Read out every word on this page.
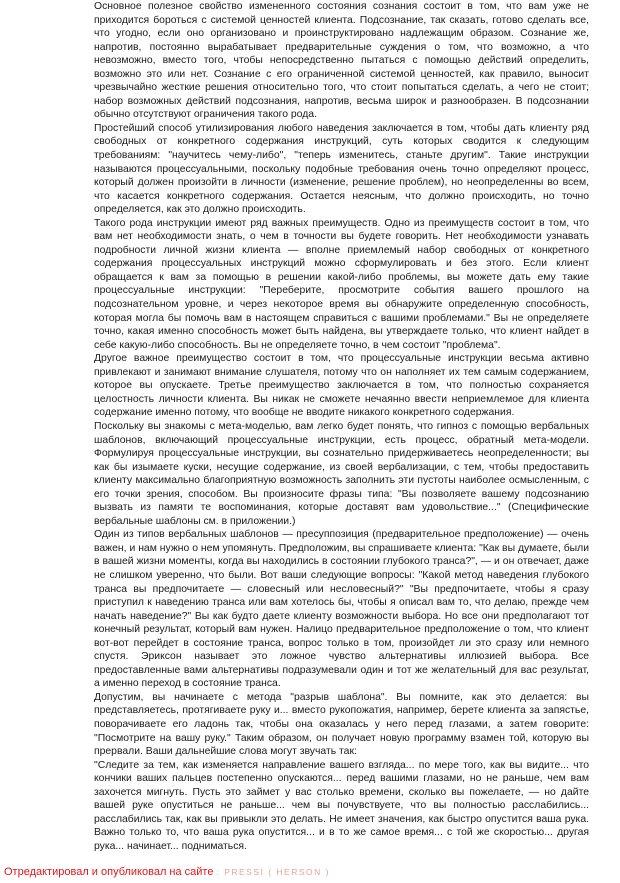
Основное полезное свойство измененного состояния сознания состоит в том, что вам уже не приходится бороться с системой ценностей клиента. Подсознание, так сказать, готово сделать все, что угодно, если оно организовано и проинструктировано надлежащим образом. Сознание же, напротив, постоянно вырабатывает предварительные суждения о том, что возможно, а что невозможно, вместо того, чтобы непосредственно пытаться с помощью действий определить, возможно это или нет. Сознание с его ограниченной системой ценностей, как правило, выносит чрезвычайно жесткие решения относительно того, что стоит попытаться сделать, а чего не стоит; набор возможных действий подсознания, напротив, весьма широк и разнообразен. В подсознании обычно отсутствуют ограничения такого рода.

Простейший способ утилизирования любого наведения заключается в том, чтобы дать клиенту ряд свободных от конкретного содержания инструкций, суть которых сводится к следующим требованиям: "научитесь чему-либо", "теперь изменитесь, станьте другим". Такие инструкции называются процессуальными, поскольку подобные требования очень точно определяют процесс, который должен произойти в личности (изменение, решение проблем), но неопределенны во всем, что касается конкретного содержания. Остается неясным, что должно происходить, но точно определяется, как это должно происходить.

Такого рода инструкции имеют ряд важных преимуществ. Одно из преимуществ состоит в том, что вам нет необходимости знать, о чем в точности вы будете говорить. Нет необходимости узнавать подробности личной жизни клиента — вполне приемлемый набор свободных от конкретного содержания процессуальных инструкций можно сформулировать и без этого. Если клиент обращается к вам за помощью в решении какой-либо проблемы, вы можете дать ему такие процессуальные инструкции: "Переберите, просмотрите события вашего прошлого на подсознательном уровне, и через некоторое время вы обнаружите определенную способность, которая могла бы помочь вам в настоящем справиться с вашими проблемами." Вы не определяете точно, какая именно способность может быть найдена, вы утверждаете только, что клиент найдет в себе какую-либо способность. Вы не определяете точно, в чем состоит "проблема".

Другое важное преимущество состоит в том, что процессуальные инструкции весьма активно привлекают и занимают внимание слушателя, потому что он наполняет их тем самым содержанием, которое вы опускаете. Третье преимущество заключается в том, что полностью сохраняется целостность личности клиента. Вы никак не сможете нечаянно ввести неприемлемое для клиента содержание именно потому, что вообще не вводите никакого конкретного содержания.

Поскольку вы знакомы с мета-моделью, вам легко будет понять, что гипноз с помощью вербальных шаблонов, включающий процессуальные инструкции, есть процесс, обратный мета-модели. Формулируя процессуальные инструкции, вы сознательно придерживаетесь неопределенности; вы как бы изымаете куски, несущие содержание, из своей вербализации, с тем, чтобы предоставить клиенту максимально благоприятную возможность заполнить эти пустоты наиболее осмысленным, с его точки зрения, способом. Вы произносите фразы типа: "Вы позволяете вашему подсознанию вызвать из памяти те воспоминания, которые доставят вам удовольствие..." (Специфические вербальные шаблоны см. в приложении.)

Один из типов вербальных шаблонов — пресуппозиция (предварительное предположение) — очень важен, и нам нужно о нем упомянуть. Предположим, вы спрашиваете клиента: "Как вы думаете, были в вашей жизни моменты, когда вы находились в состоянии глубокого транса?", — и он отвечает, даже не слишком уверенно, что были. Вот ваши следующие вопросы: "Какой метод наведения глубокого транса вы предпочитаете — словесный или несловесный?" "Вы предпочитаете, чтобы я сразу приступил к наведению транса или вам хотелось бы, чтобы я описал вам то, что делаю, прежде чем начать наведение?" Вы как будто даете клиенту возможности выбора. Но все они предполагают тот конечный результат, который вам нужен. Налицо предварительное предположение о том, что клиент вот-вот перейдет в состояние транса, вопрос только в том, произойдет ли это сразу или немного спустя. Эриксон называет это ложное чувство альтернативы иллюзией выбора. Все предоставленные вами альтернативы подразумевали один и тот же желательный для вас результат, а именно переход в состояние транса.

Допустим, вы начинаете с метода "разрыв шаблона". Вы помните, как это делается: вы представляетесь, протягиваете руку и... вместо рукопожатия, например, берете клиента за запястье, поворачиваете его ладонь так, чтобы она оказалась у него перед глазами, а затем говорите: "Посмотрите на вашу руку." Таким образом, он получает новую программу взамен той, которую вы прервали. Ваши дальнейшие слова могут звучать так:

"Следите за тем, как изменяется направление вашего взгляда... по мере того, как вы видите... что кончики ваших пальцев постепенно опускаются... перед вашими глазами, но не раньше, чем вам захочется мигнуть. Пусть это займет у вас столько времени, сколько вы пожелаете, — но дайте вашей руке опуститься не раньше... чем вы почувствуете, что вы полностью расслабились... расслабились так, как вы привыкли это делать. Не имеет значения, как быстро опустится ваша рука. Важно только то, что ваша рука опустится... и в то же самое время... с той же скоростью... другая рука... начинает... подниматься.

Отредактировал и опубликовал на сайте : PRESSI ( HERSON )
